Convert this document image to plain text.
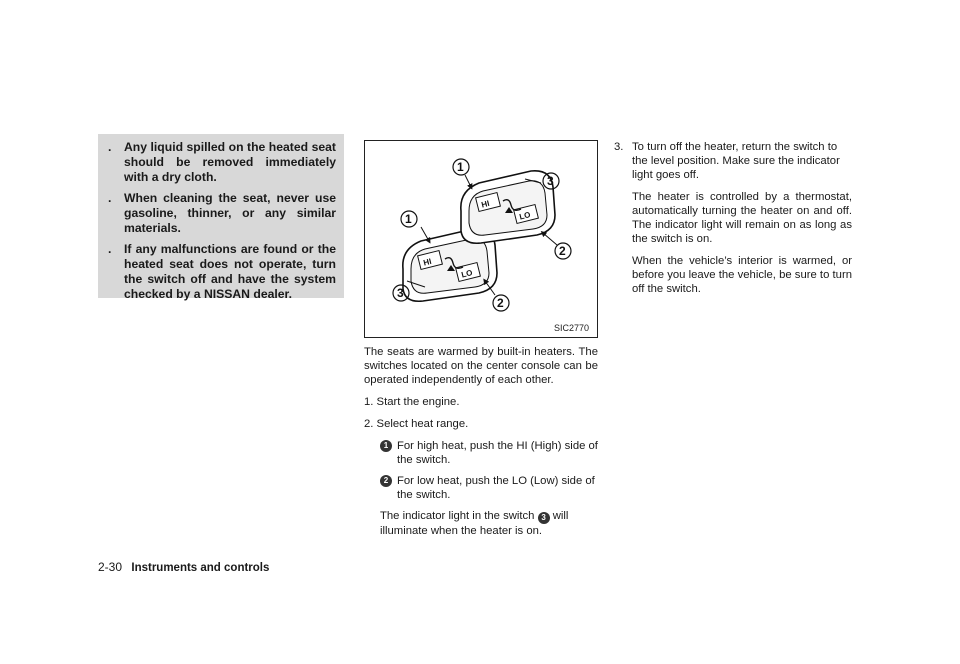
. Any liquid spilled on the heated seat should be removed immediately with a dry cloth.
. When cleaning the seat, never use gasoline, thinner, or any similar materials.
. If any malfunctions are found or the heated seat does not operate, turn the switch off and have the system checked by a NISSAN dealer.
HI
LO
HI
LO
1
1
2
2
3
3
SIC2770

The seats are warmed by built-in heaters. The switches located on the center console can be operated independently of each other.

1. Start the engine.

2. Select heat range.

1 For high heat, push the HI (High) side of the switch.
2 For low heat, push the LO (Low) side of the switch.

The indicator light in the switch 3 will illuminate when the heater is on.

3. To turn off the heater, return the switch to the level position. Make sure the indicator light goes off.

The heater is controlled by a thermostat, automatically turning the heater on and off. The indicator light will remain on as long as the switch is on.

When the vehicle’s interior is warmed, or before you leave the vehicle, be sure to turn off the switch.

2-30 Instruments and controls
